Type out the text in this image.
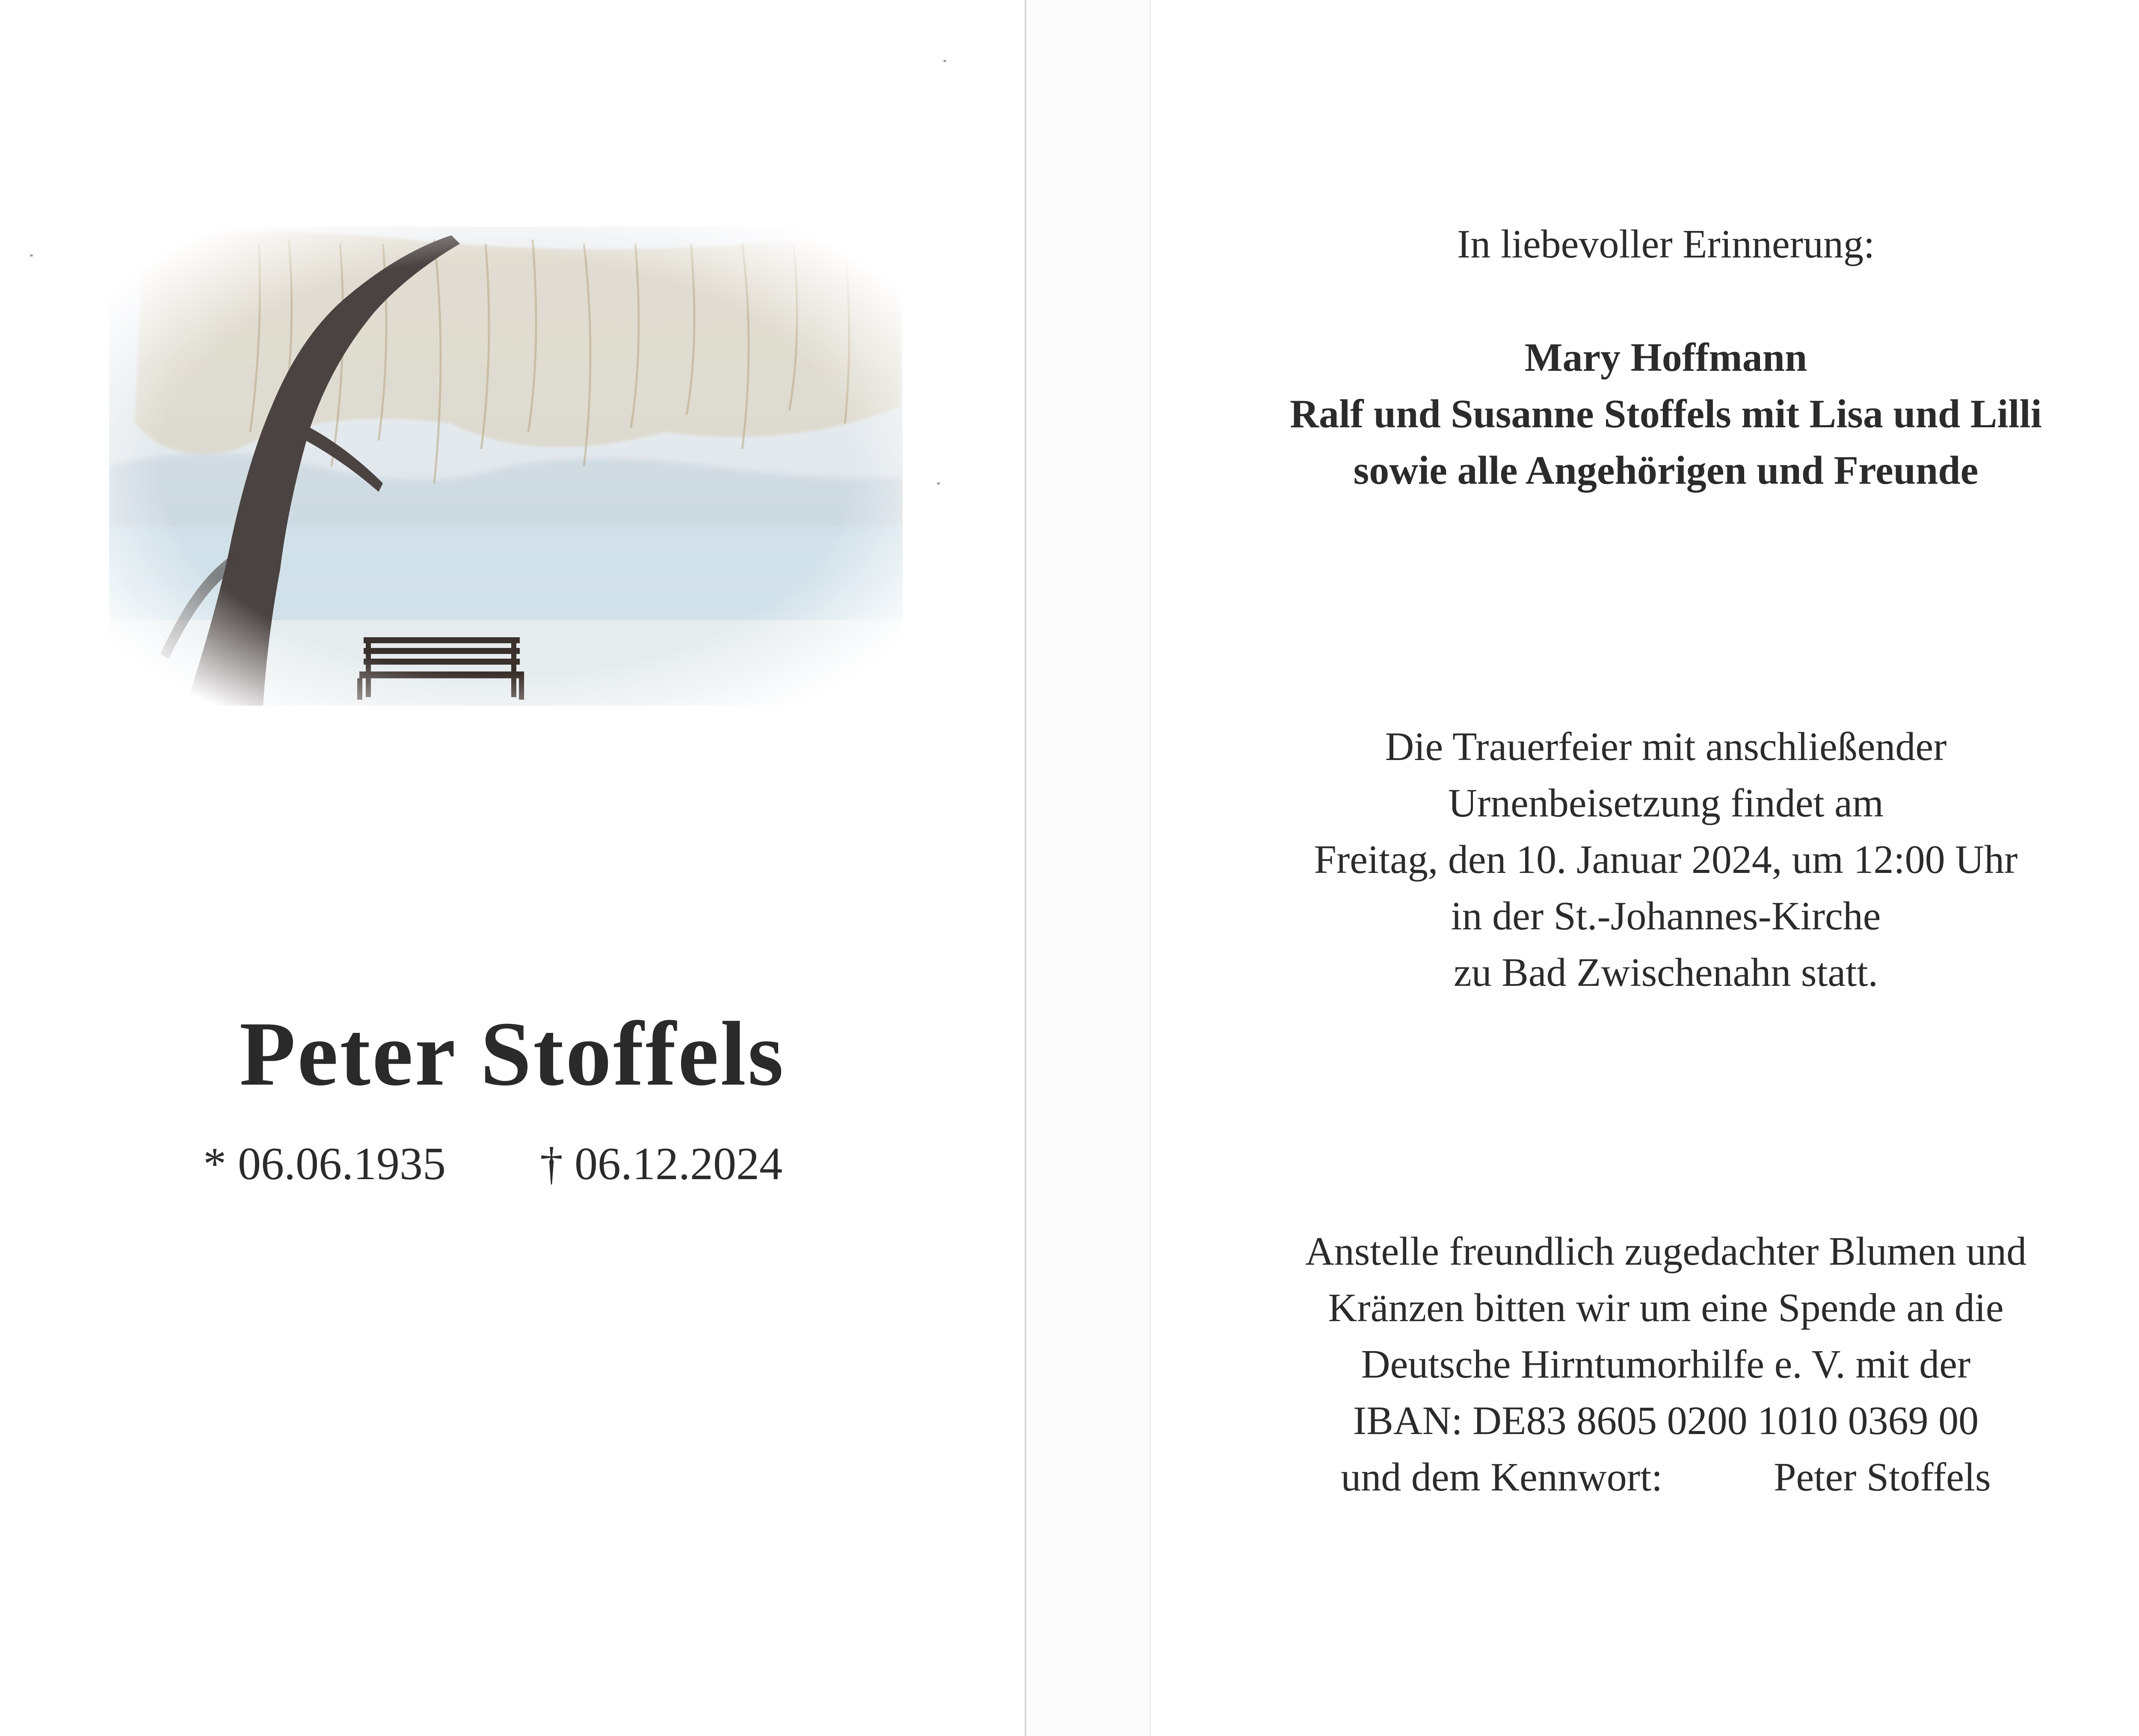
Peter Stoffels
* 06.06.1935 † 06.12.2024
In liebevoller Erinnerung:
Mary Hoffmann
Ralf und Susanne Stoffels mit Lisa und Lilli
sowie alle Angehörigen und Freunde
Die Trauerfeier mit anschließender
Urnenbeisetzung findet am
Freitag, den 10. Januar 2024, um 12:00 Uhr
in der St.-Johannes-Kirche
zu Bad Zwischenahn statt.
Anstelle freundlich zugedachter Blumen und
Kränzen bitten wir um eine Spende an die
Deutsche Hirntumorhilfe e. V. mit der
IBAN: DE83 8605 0200 1010 0369 00
und dem Kennwort:	Peter Stoffels
